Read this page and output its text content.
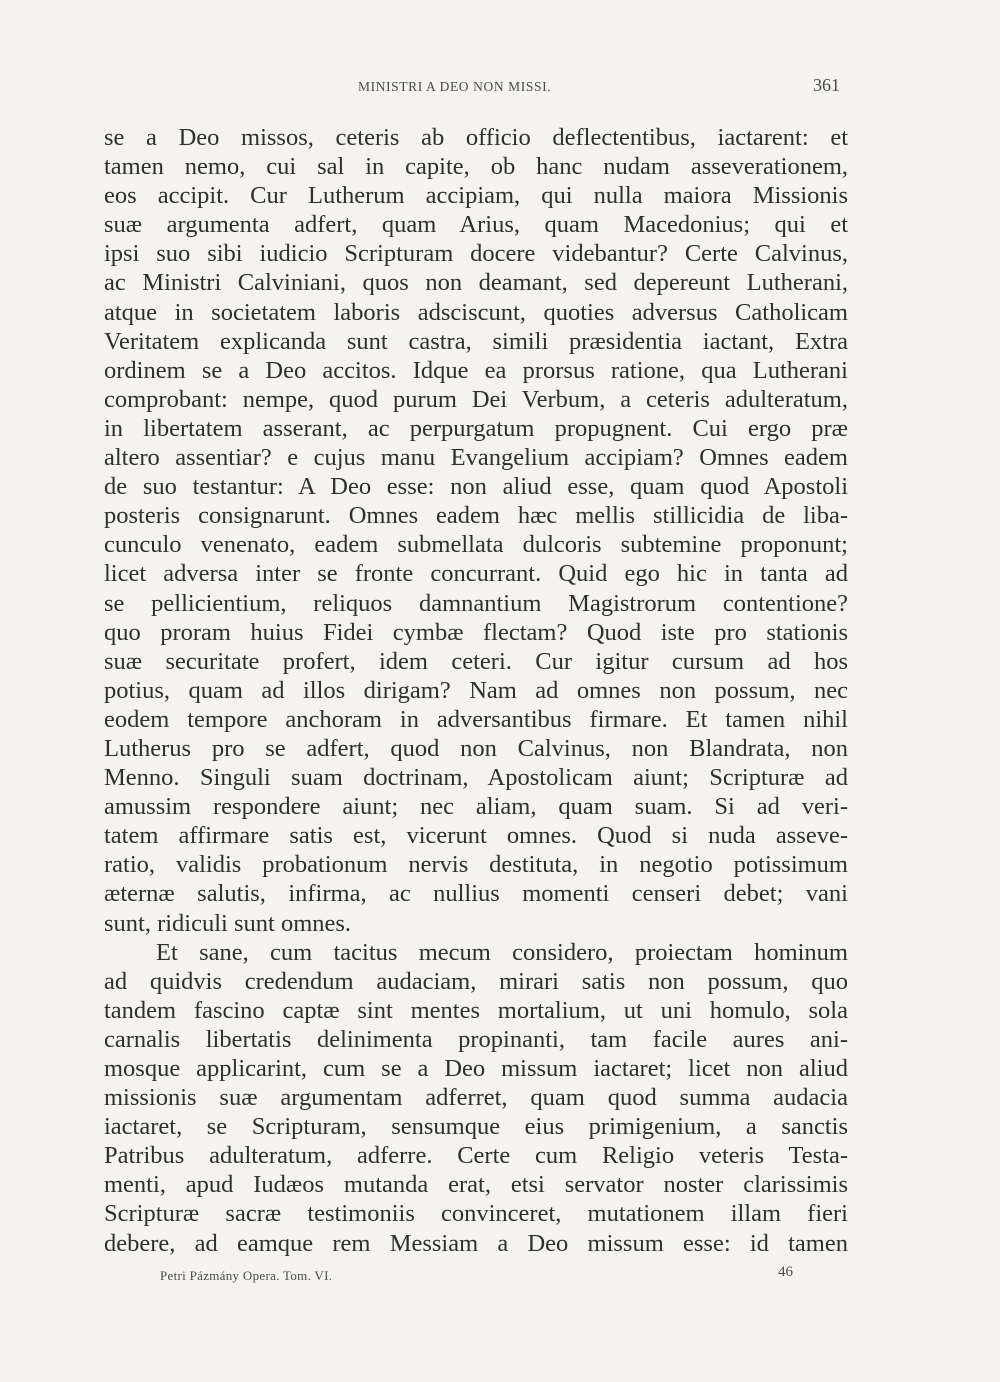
MINISTRI A DEO NON MISSI.	361
se a Deo missos, ceteris ab officio deflectentibus, iactarent: et
tamen nemo, cui sal in capite, ob hanc nudam asseverationem,
eos accipit. Cur Lutherum accipiam, qui nulla maiora Missionis
suæ argumenta adfert, quam Arius, quam Macedonius; qui et
ipsi suo sibi iudicio Scripturam docere videbantur? Certe Calvinus,
ac Ministri Calviniani, quos non deamant, sed depereunt Lutherani,
atque in societatem laboris adsciscunt, quoties adversus Catholicam
Veritatem explicanda sunt castra, simili præsidentia iactant, Extra
ordinem se a Deo accitos. Idque ea prorsus ratione, qua Lutherani
comprobant: nempe, quod purum Dei Verbum, a ceteris adulteratum,
in libertatem asserant, ac perpurgatum propugnent. Cui ergo præ
altero assentiar? e cujus manu Evangelium accipiam? Omnes eadem
de suo testantur: A Deo esse: non aliud esse, quam quod Apostoli
posteris consignarunt. Omnes eadem hæc mellis stillicidia de liba-
cunculo venenato, eadem submellata dulcoris subtemine proponunt;
licet adversa inter se fronte concurrant. Quid ego hic in tanta ad
se pellicientium, reliquos damnantium Magistrorum contentione?
quo proram huius Fidei cymbæ flectam? Quod iste pro stationis
suæ securitate profert, idem ceteri. Cur igitur cursum ad hos
potius, quam ad illos dirigam? Nam ad omnes non possum, nec
eodem tempore anchoram in adversantibus firmare. Et tamen nihil
Lutherus pro se adfert, quod non Calvinus, non Blandrata, non
Menno. Singuli suam doctrinam, Apostolicam aiunt; Scripturæ ad
amussim respondere aiunt; nec aliam, quam suam. Si ad veri-
tatem affirmare satis est, vicerunt omnes. Quod si nuda asseve-
ratio, validis probationum nervis destituta, in negotio potissimum
æternæ salutis, infirma, ac nullius momenti censeri debet; vani
sunt, ridiculi sunt omnes.
Et sane, cum tacitus mecum considero, proiectam hominum
ad quidvis credendum audaciam, mirari satis non possum, quo
tandem fascino captæ sint mentes mortalium, ut uni homulo, sola
carnalis libertatis delinimenta propinanti, tam facile aures ani-
mosque applicarint, cum se a Deo missum iactaret; licet non aliud
missionis suæ argumentam adferret, quam quod summa audacia
iactaret, se Scripturam, sensumque eius primigenium, a sanctis
Patribus adulteratum, adferre. Certe cum Religio veteris Testa-
menti, apud Iudæos mutanda erat, etsi servator noster clarissimis
Scripturæ sacræ testimoniis convinceret, mutationem illam fieri
debere, ad eamque rem Messiam a Deo missum esse: id tamen
Petri Pázmány Opera. Tom. VI.	46
